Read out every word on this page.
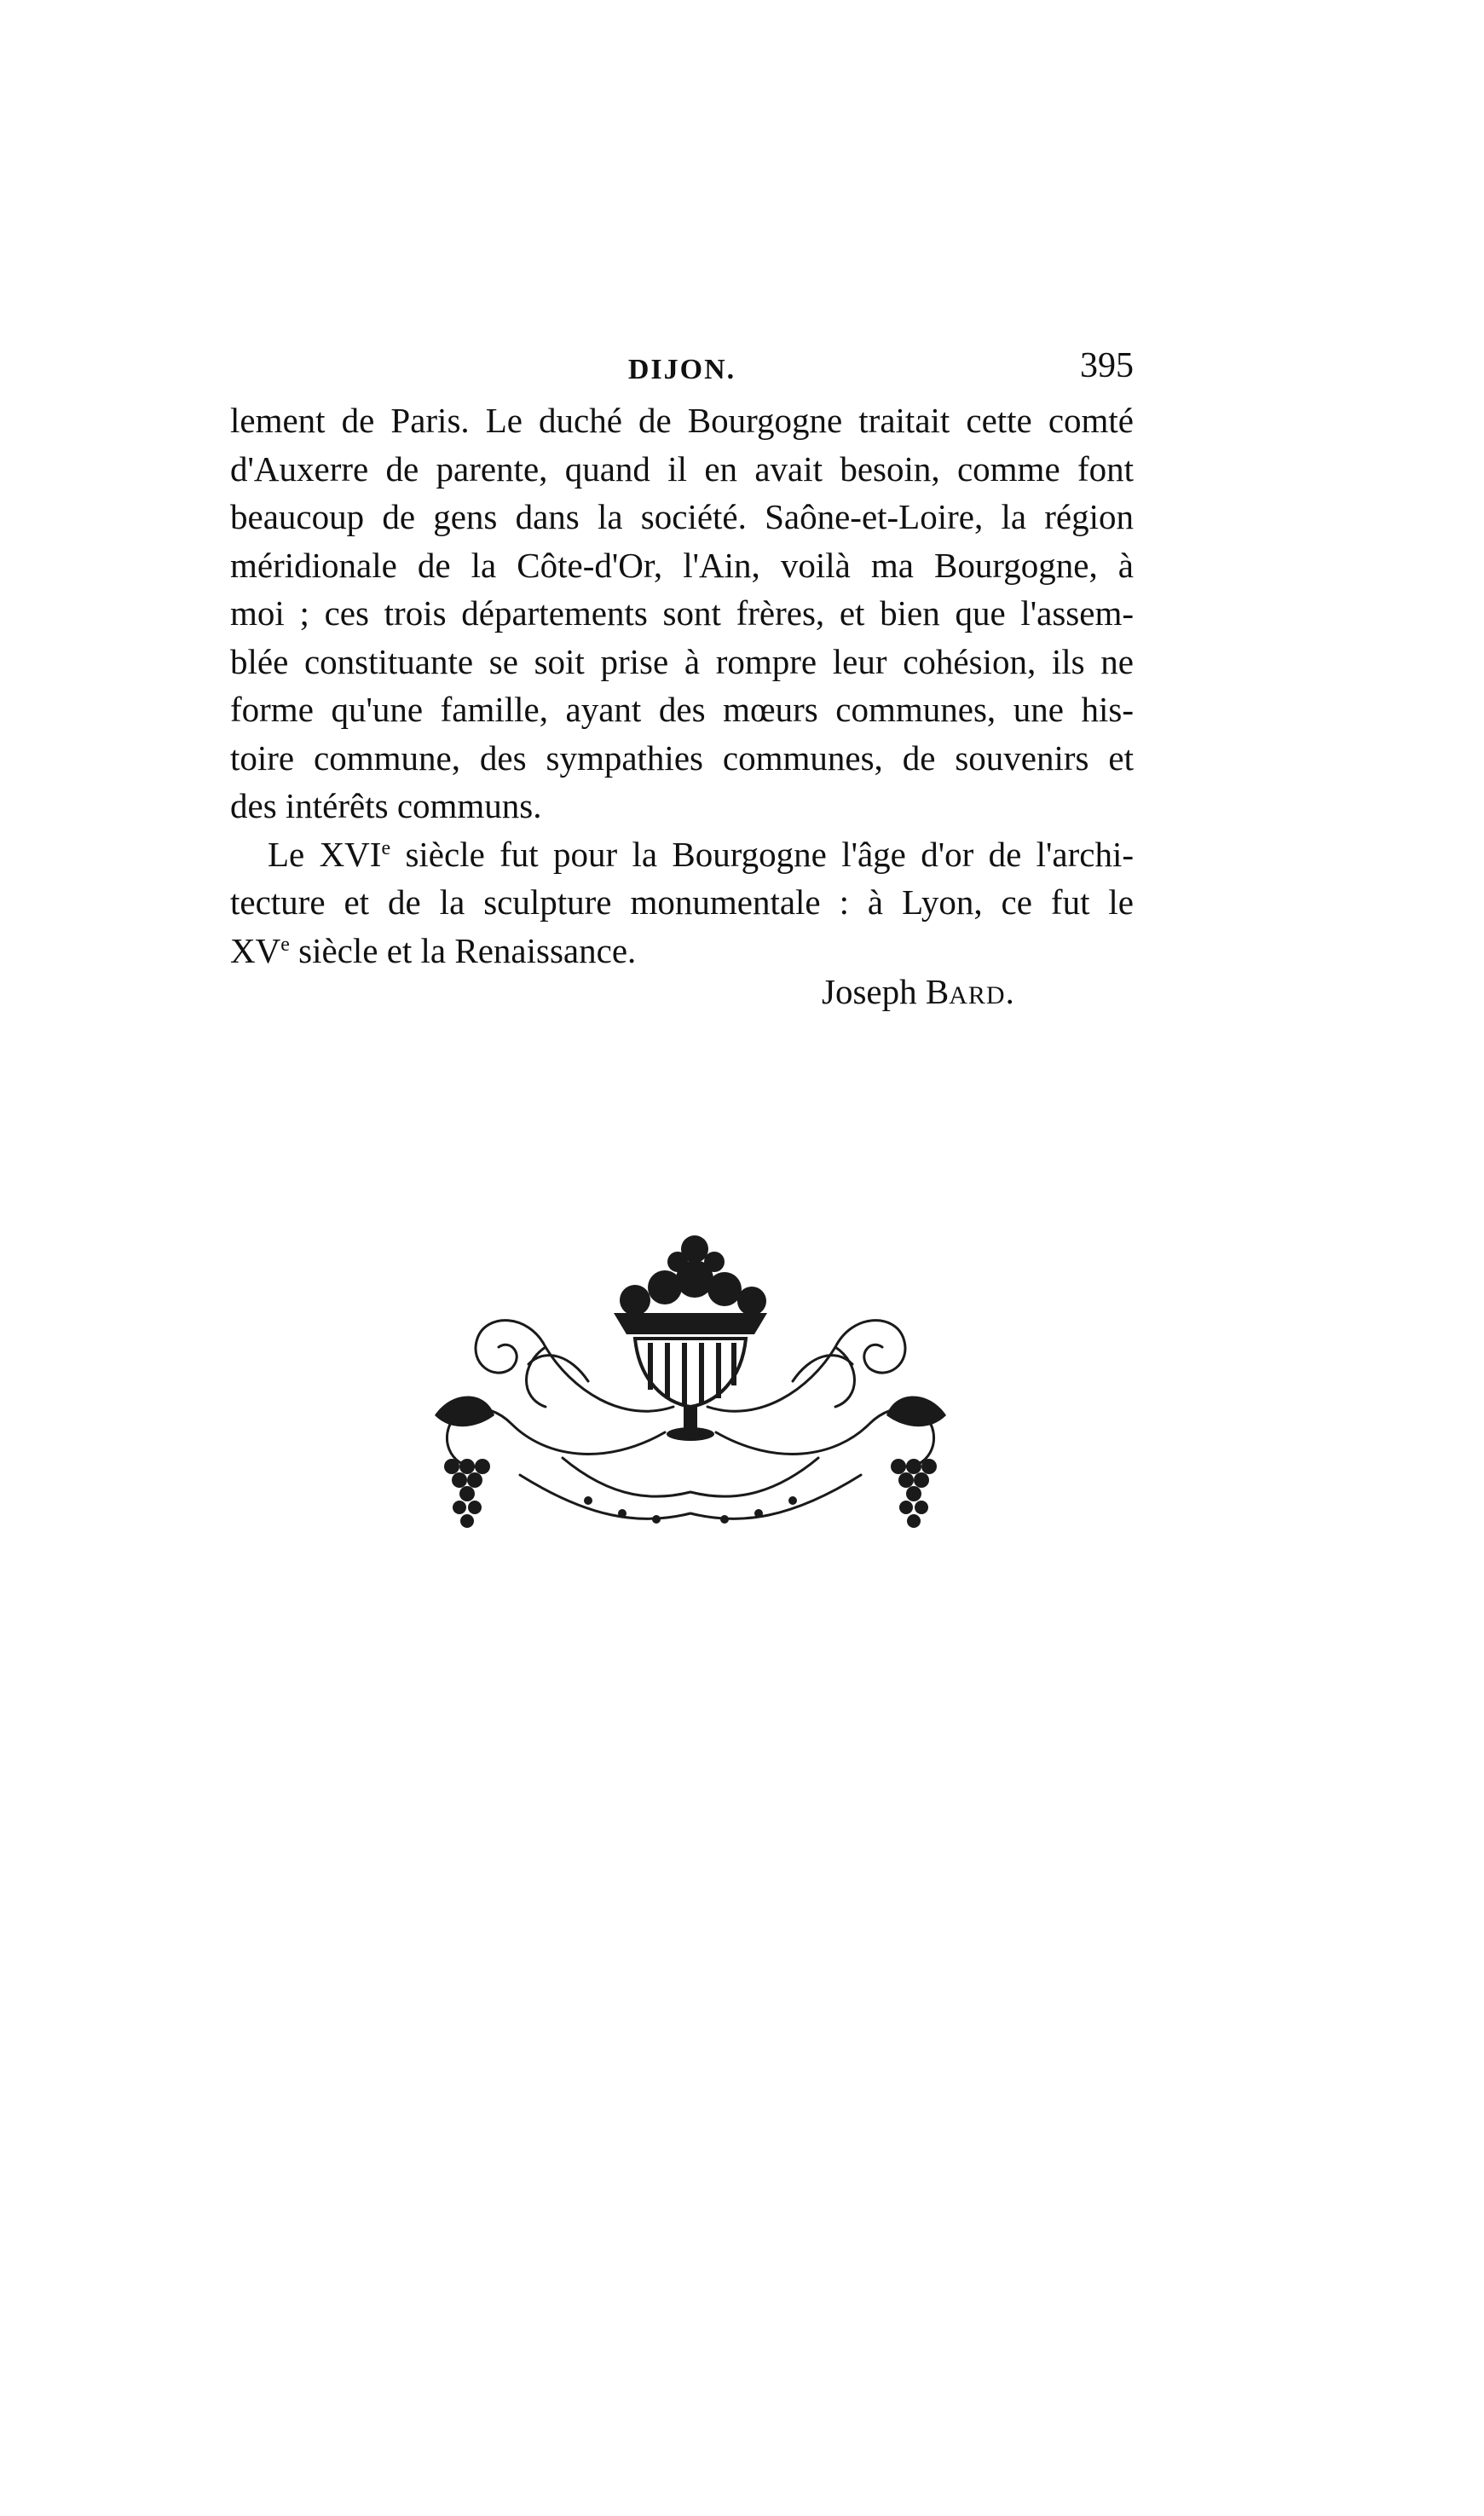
DIJON.	395
lement de Paris. Le duché de Bourgogne traitait cette comté
d'Auxerre de parente, quand il en avait besoin, comme font
beaucoup de gens dans la société. Saône-et-Loire, la région
méridionale de la Côte-d'Or, l'Ain, voilà ma Bourgogne, à
moi ; ces trois départements sont frères, et bien que l'assem-
blée constituante se soit prise à rompre leur cohésion, ils ne
forme qu'une famille, ayant des mœurs communes, une his-
toire commune, des sympathies communes, de souvenirs et
des intérêts communs.
Le XVIe siècle fut pour la Bourgogne l'âge d'or de l'archi-
tecture et de la sculpture monumentale : à Lyon, ce fut le
XVe siècle et la Renaissance.
Joseph BARD.
